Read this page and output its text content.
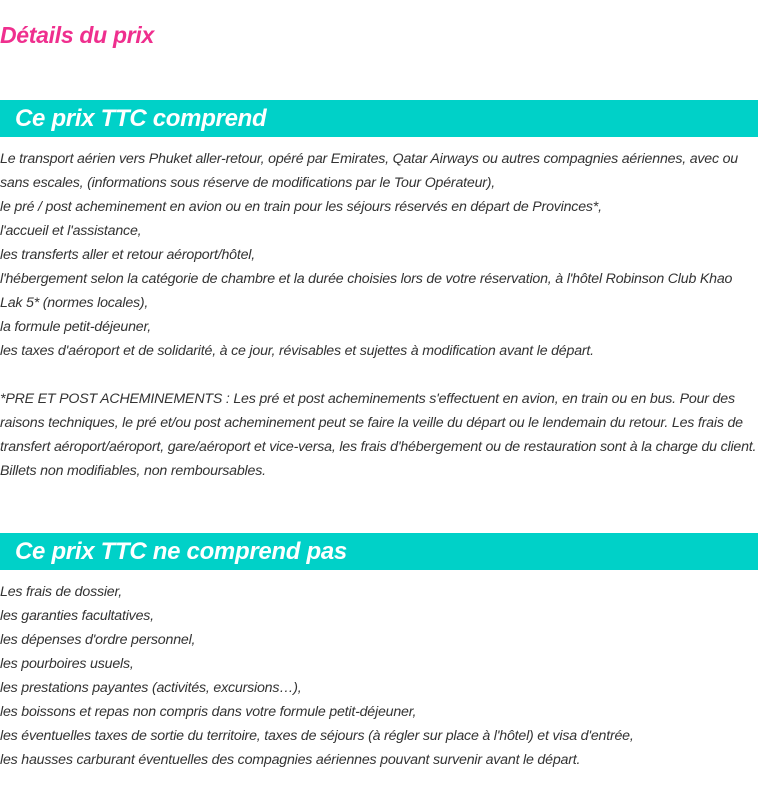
Détails du prix
Ce prix TTC comprend
Le transport aérien vers Phuket aller-retour, opéré par Emirates, Qatar Airways ou autres compagnies aériennes, avec ou sans escales, (informations sous réserve de modifications par le Tour Opérateur),
le pré / post acheminement en avion ou en train pour les séjours réservés en départ de Provinces*,
l'accueil et l'assistance,
les transferts aller et retour aéroport/hôtel,
l'hébergement selon la catégorie de chambre et la durée choisies lors de votre réservation, à l'hôtel Robinson Club Khao Lak 5* (normes locales),
la formule petit-déjeuner,
les taxes d'aéroport et de solidarité, à ce jour, révisables et sujettes à modification avant le départ.
*PRE ET POST ACHEMINEMENTS : Les pré et post acheminements s'effectuent en avion, en train ou en bus. Pour des raisons techniques, le pré et/ou post acheminement peut se faire la veille du départ ou le lendemain du retour. Les frais de transfert aéroport/aéroport, gare/aéroport et vice-versa, les frais d'hébergement ou de restauration sont à la charge du client. Billets non modifiables, non remboursables.
Ce prix TTC ne comprend pas
Les frais de dossier,
les garanties facultatives,
les dépenses d'ordre personnel,
les pourboires usuels,
les prestations payantes (activités, excursions…),
les boissons et repas non compris dans votre formule petit-déjeuner,
les éventuelles taxes de sortie du territoire, taxes de séjours (à régler sur place à l'hôtel) et visa d'entrée,
les hausses carburant éventuelles des compagnies aériennes pouvant survenir avant le départ.
